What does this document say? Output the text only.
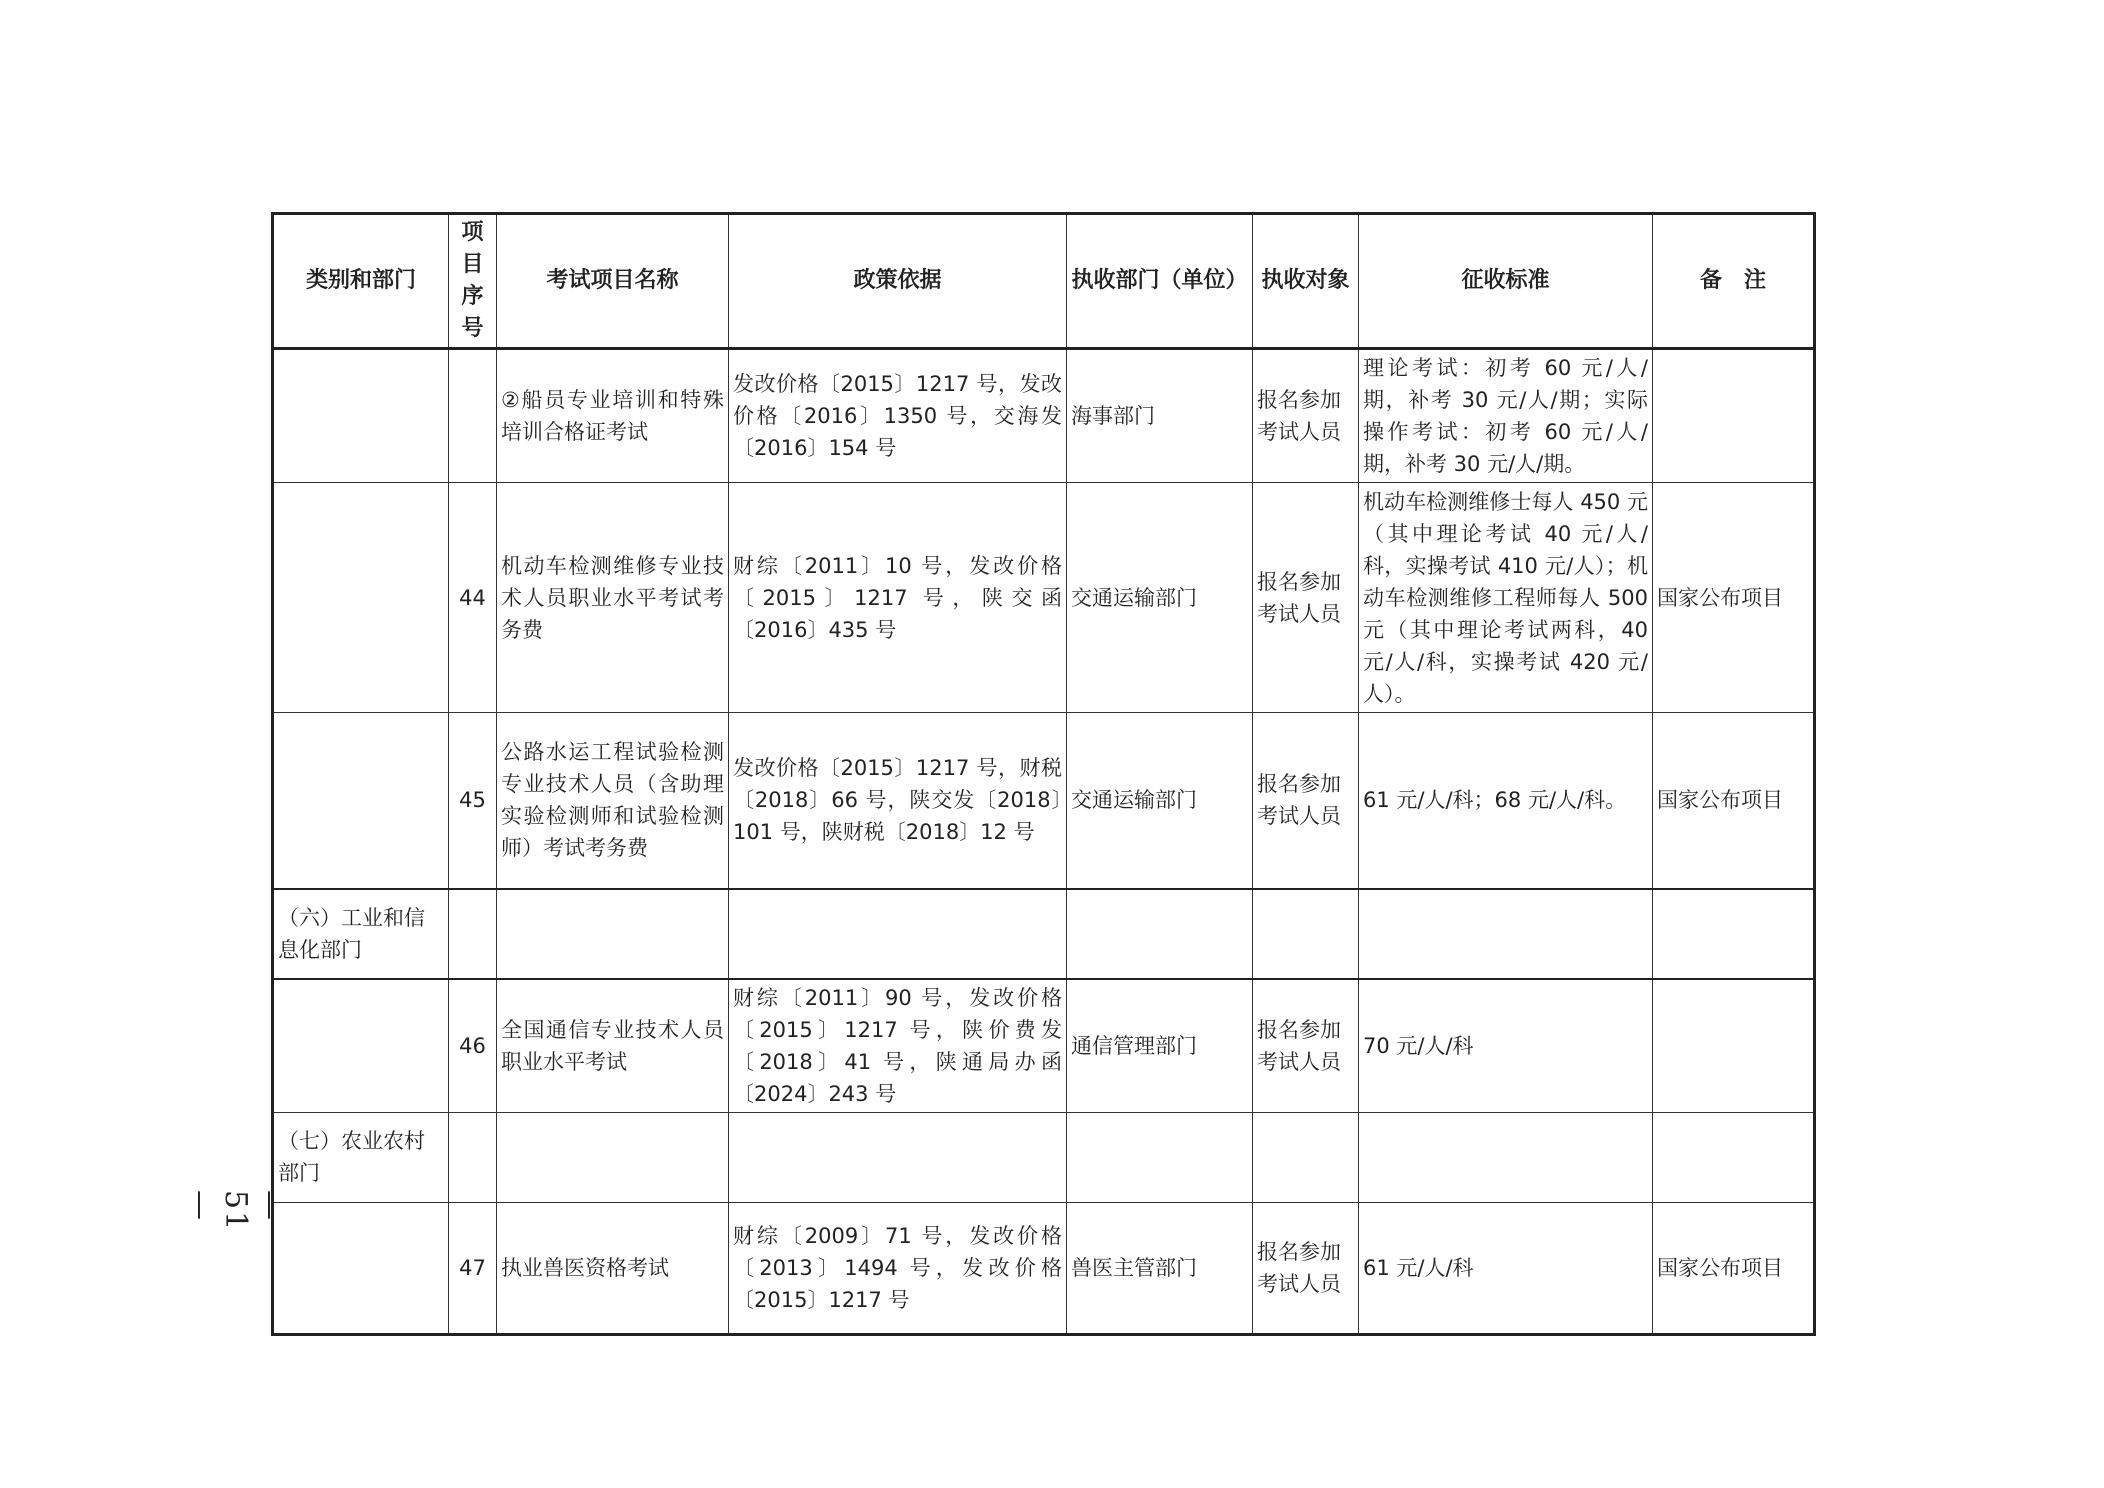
—51—
类别和部门	项目序号	考试项目名称	政策依据	执收部门（单位）	执收对象	征收标准	备　注
		②船员专业培训和特殊培训合格证考试	发改价格〔2015〕1217 号，发改价格〔2016〕1350 号，交海发〔2016〕154 号	海事部门	报名参加考试人员	理论考试：初考 60 元/人/期，补考 30 元/人/期；实际操作考试：初考 60 元/人/期，补考 30 元/人/期。	
	44	机动车检测维修专业技术人员职业水平考试考务费	财综〔2011〕10 号，发改价格〔2015〕1217 号，陕交函〔2016〕435 号	交通运输部门	报名参加考试人员	机动车检测维修士每人 450 元（其中理论考试 40 元/人/科，实操考试 410 元/人）；机动车检测维修工程师每人 500 元（其中理论考试两科，40 元/人/科，实操考试 420 元/人）。	国家公布项目
	45	公路水运工程试验检测专业技术人员（含助理实验检测师和试验检测师）考试考务费	发改价格〔2015〕1217 号，财税〔2018〕66 号，陕交发〔2018〕101 号，陕财税〔2018〕12 号	交通运输部门	报名参加考试人员	61 元/人/科；68 元/人/科。	国家公布项目
（六）工业和信息化部门							
	46	全国通信专业技术人员职业水平考试	财综〔2011〕90 号，发改价格〔2015〕1217 号，陕价费发〔2018〕41 号，陕通局办函〔2024〕243 号	通信管理部门	报名参加考试人员	70 元/人/科	
（七）农业农村部门							
	47	执业兽医资格考试	财综〔2009〕71 号，发改价格〔2013〕1494 号，发改价格〔2015〕1217 号	兽医主管部门	报名参加考试人员	61 元/人/科	国家公布项目
